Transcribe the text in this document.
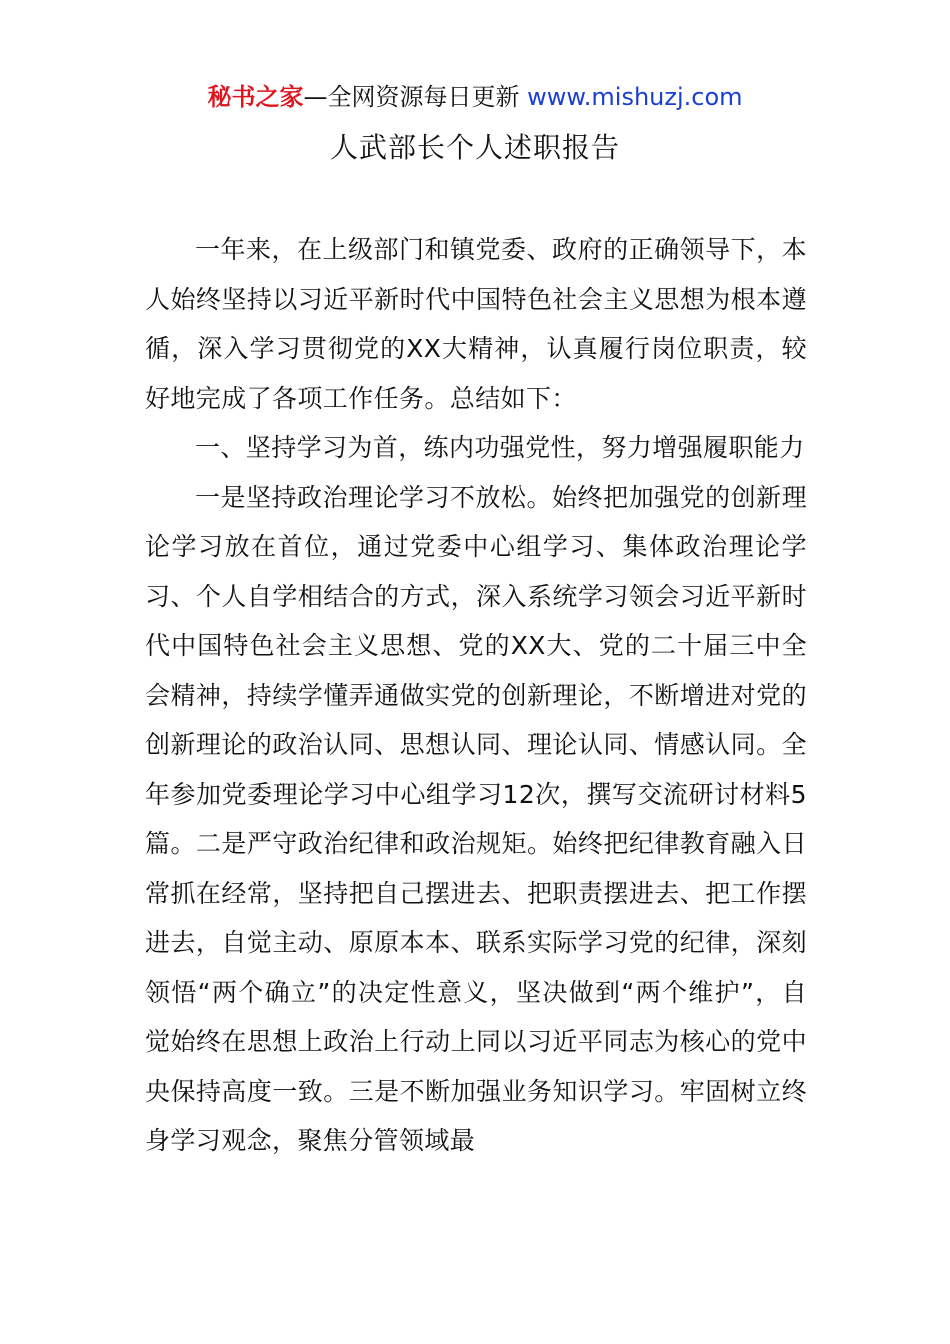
秘书之家—全网资源每日更新 www.mishuzj.com
人武部长个人述职报告

一年来，在上级部门和镇党委、政府的正确领导下，本人始终坚持以习近平新时代中国特色社会主义思想为根本遵循，深入学习贯彻党的XX大精神，认真履行岗位职责，较好地完成了各项工作任务。总结如下：

一、坚持学习为首，练内功强党性，努力增强履职能力

一是坚持政治理论学习不放松。始终把加强党的创新理论学习放在首位，通过党委中心组学习、集体政治理论学习、个人自学相结合的方式，深入系统学习领会习近平新时代中国特色社会主义思想、党的XX大、党的二十届三中全会精神，持续学懂弄通做实党的创新理论，不断增进对党的创新理论的政治认同、思想认同、理论认同、情感认同。全年参加党委理论学习中心组学习12次，撰写交流研讨材料5篇。二是严守政治纪律和政治规矩。始终把纪律教育融入日常抓在经常，坚持把自己摆进去、把职责摆进去、把工作摆进去，自觉主动、原原本本、联系实际学习党的纪律，深刻领悟“两个确立”的决定性意义，坚决做到“两个维护”，自觉始终在思想上政治上行动上同以习近平同志为核心的党中央保持高度一致。三是不断加强业务知识学习。牢固树立终身学习观念，聚焦分管领域最
